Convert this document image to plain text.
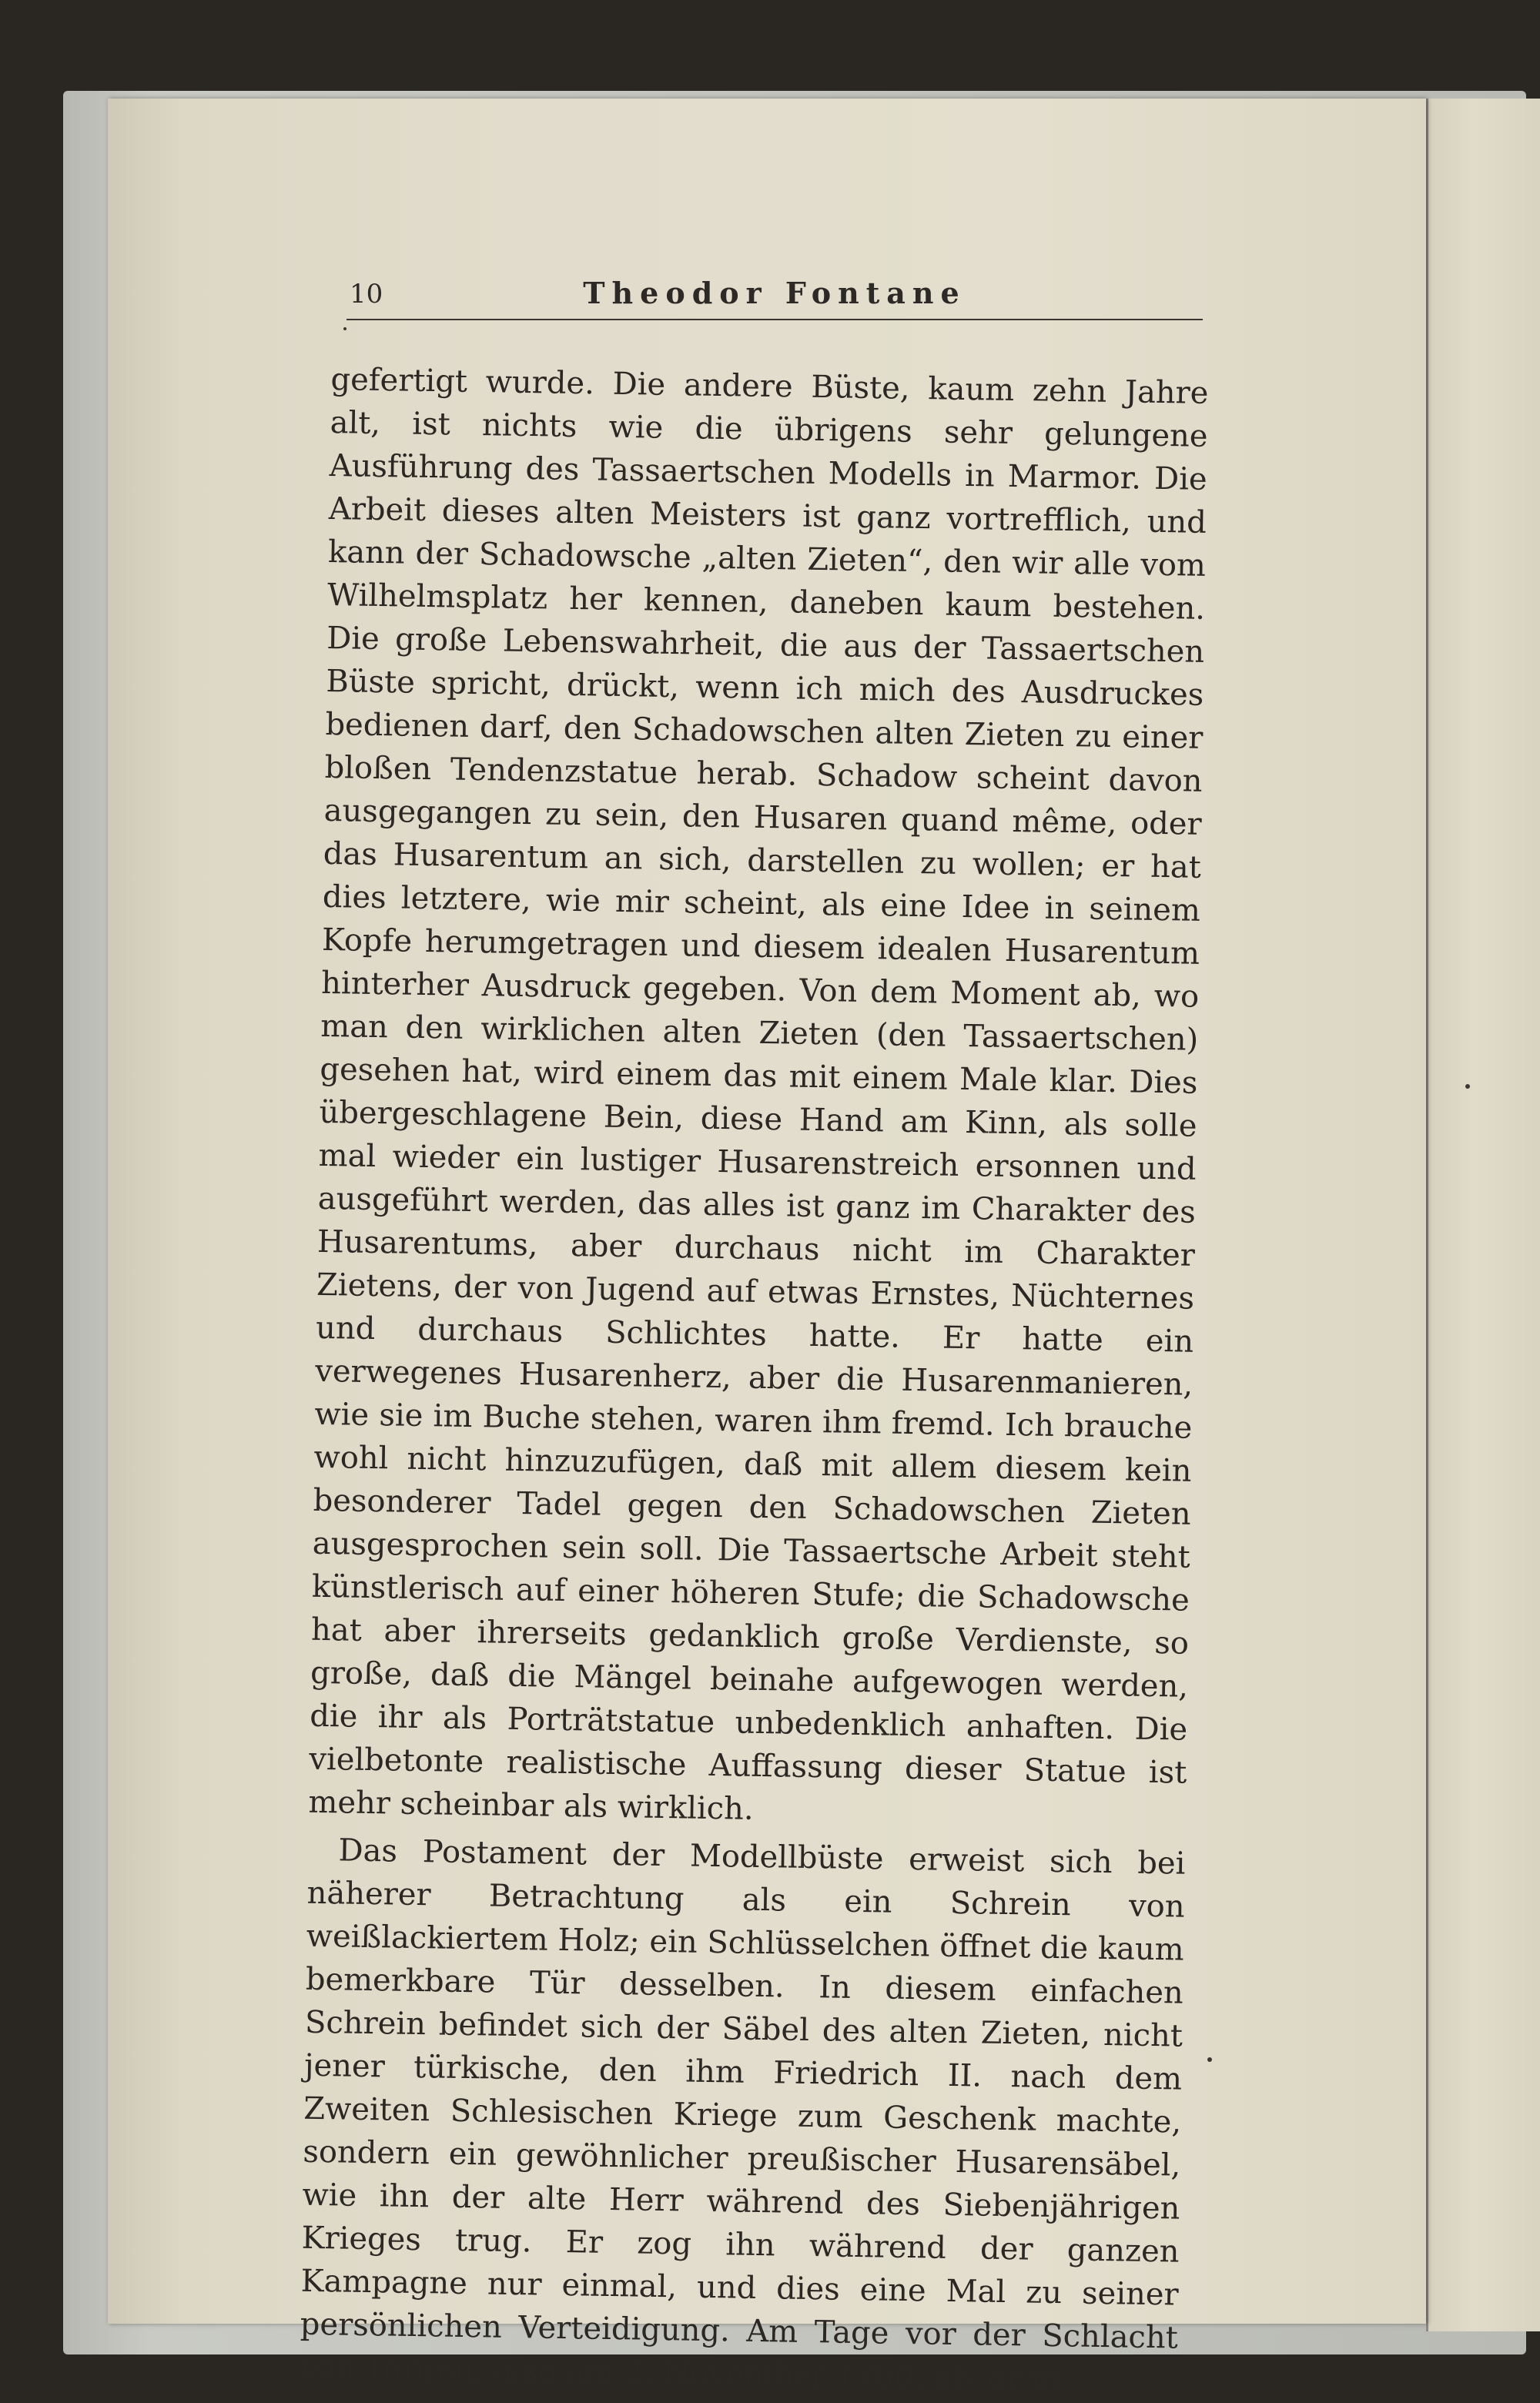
10	Theodor Fontane

gefertigt wurde. Die andere Büste, kaum zehn Jahre alt, ist nichts wie die übrigens sehr gelungene Ausführung des Tassaertschen Modells in Marmor. Die Arbeit dieses alten Meisters ist ganz vortrefflich, und kann der Schadowsche „alten Zieten“, den wir alle vom Wilhelmsplatz her kennen, daneben kaum bestehen. Die große Lebenswahrheit, die aus der Tassaertschen Büste spricht, drückt, wenn ich mich des Ausdruckes bedienen darf, den Schadowschen alten Zieten zu einer bloßen Tendenzstatue herab. Schadow scheint davon ausgegangen zu sein, den Husaren quand même, oder das Husarentum an sich, darstellen zu wollen; er hat dies letztere, wie mir scheint, als eine Idee in seinem Kopfe herumgetragen und diesem idealen Husarentum hinterher Ausdruck gegeben. Von dem Moment ab, wo man den wirklichen alten Zieten (den Tassaertschen) gesehen hat, wird einem das mit einem Male klar. Dies übergeschlagene Bein, diese Hand am Kinn, als solle mal wieder ein lustiger Husarenstreich ersonnen und ausgeführt werden, das alles ist ganz im Charakter des Husarentums, aber durchaus nicht im Charakter Zietens, der von Jugend auf etwas Ernstes, Nüchternes und durchaus Schlichtes hatte. Er hatte ein verwegenes Husarenherz, aber die Husarenmanieren, wie sie im Buche stehen, waren ihm fremd. Ich brauche wohl nicht hinzuzufügen, daß mit allem diesem kein besonderer Tadel gegen den Schadowschen Zieten ausgesprochen sein soll. Die Tassaertsche Arbeit steht künstlerisch auf einer höheren Stufe; die Schadowsche hat aber ihrerseits gedanklich große Verdienste, so große, daß die Mängel beinahe aufgewogen werden, die ihr als Porträtstatue unbedenklich anhaften. Die vielbetonte realistische Auffassung dieser Statue ist mehr scheinbar als wirklich.

Das Postament der Modellbüste erweist sich bei näherer Betrachtung als ein Schrein von weißlackiertem Holz; ein Schlüsselchen öffnet die kaum bemerkbare Tür desselben. In diesem einfachen Schrein befindet sich der Säbel des alten Zieten, nicht jener türkische, den ihm Friedrich II. nach dem Zweiten Schlesischen Kriege zum Geschenk machte, sondern ein gewöhnlicher preußischer Husarensäbel, wie ihn der alte Herr während des Siebenjährigen Krieges trug. Er zog ihn während der ganzen Kampagne nur einmal, und dies eine Mal zu seiner persönlichen Verteidigung. Am Tage vor der Schlacht von Torgau, also am 2. November 1760, als er in
